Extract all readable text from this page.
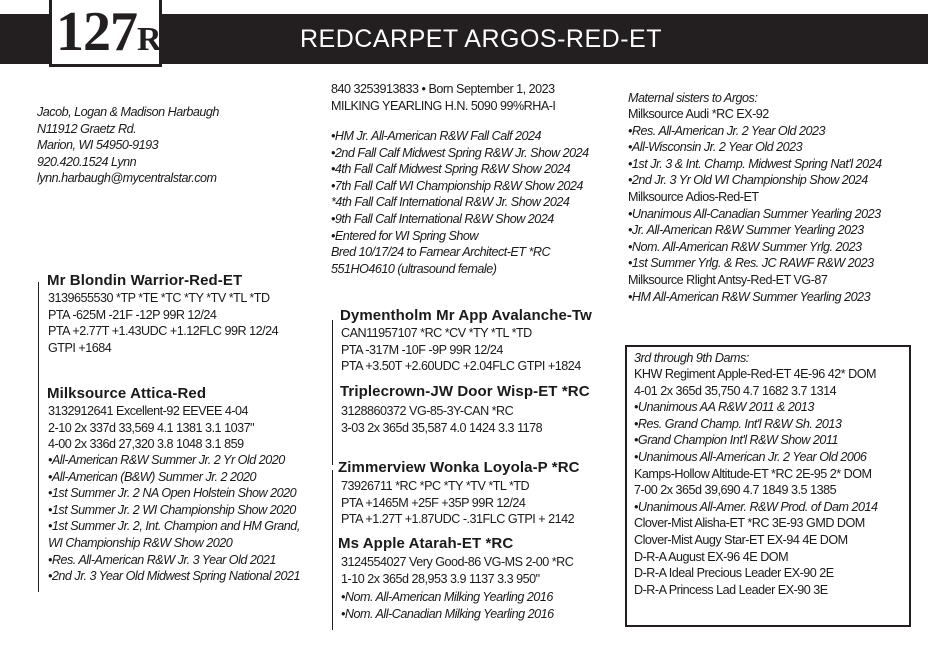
REDCARPET ARGOS-RED-ET
127R
Jacob, Logan & Madison Harbaugh
N11912 Graetz Rd.
Marion, WI 54950-9193
920.420.1524 Lynn
lynn.harbaugh@mycentralstar.com
Mr Blondin Warrior-Red-ET
3139655530 *TP *TE *TC *TY *TV *TL *TD
PTA -625M -21F -12P 99R 12/24
PTA +2.77T +1.43UDC +1.12FLC 99R 12/24
GTPI +1684
Milksource Attica-Red
3132912641 Excellent-92 EEVEE 4-04
2-10 2x 337d 33,569 4.1 1381 3.1 1037"
4-00 2x 336d 27,320 3.8 1048 3.1 859
•All-American R&W Summer Jr. 2 Yr Old 2020
•All-American (B&W) Summer Jr. 2 2020
•1st Summer Jr. 2 NA Open Holstein Show 2020
•1st Summer Jr. 2 WI Championship Show 2020
•1st Summer Jr. 2, Int. Champion and HM Grand,
WI Championship R&W Show 2020
•Res. All-American R&W Jr. 3 Year Old 2021
•2nd Jr. 3 Year Old Midwest Spring National 2021
840 3253913833 • Born September 1, 2023
MILKING YEARLING H.N. 5090 99%RHA-I
•HM Jr. All-American R&W Fall Calf 2024
•2nd Fall Calf Midwest Spring R&W Jr. Show 2024
•4th Fall Calf Midwest Spring R&W Show 2024
•7th Fall Calf WI Championship R&W Show 2024
*4th Fall Calf International R&W Jr. Show 2024
•9th Fall Calf International R&W Show 2024
•Entered for WI Spring Show
Bred 10/17/24 to Farnear Architect-ET *RC
551HO4610 (ultrasound female)
Dymentholm Mr App Avalanche-Tw
CAN11957107 *RC *CV *TY *TL *TD
PTA -317M -10F -9P 99R 12/24
PTA +3.50T +2.60UDC +2.04FLC GTPI +1824
Triplecrown-JW Door Wisp-ET *RC
3128860372 VG-85-3Y-CAN *RC
3-03 2x 365d 35,587 4.0 1424 3.3 1178
Zimmerview Wonka Loyola-P *RC
73926711 *RC *PC *TY *TV *TL *TD
PTA +1465M +25F +35P 99R 12/24
PTA +1.27T +1.87UDC -.31FLC GTPI + 2142
Ms Apple Atarah-ET *RC
3124554027 Very Good-86 VG-MS 2-00 *RC
1-10 2x 365d 28,953 3.9 1137 3.3 950"
•Nom. All-American Milking Yearling 2016
•Nom. All-Canadian Milking Yearling 2016
Maternal sisters to Argos:
Milksource Audi *RC EX-92
•Res. All-American Jr. 2 Year Old 2023
•All-Wisconsin Jr. 2 Year Old 2023
•1st Jr. 3 & Int. Champ. Midwest Spring Nat'l 2024
•2nd Jr. 3 Yr Old WI Championship Show 2024
Milksource Adios-Red-ET
•Unanimous All-Canadian Summer Yearling 2023
•Jr. All-American R&W Summer Yearling 2023
•Nom. All-American R&W Summer Yrlg. 2023
•1st Summer Yrlg. & Res. JC RAWF R&W 2023
Milksource Rlight Antsy-Red-ET VG-87
•HM All-American R&W Summer Yearling 2023
3rd through 9th Dams:
KHW Regiment Apple-Red-ET 4E-96 42* DOM
4-01 2x 365d 35,750 4.7 1682 3.7 1314
•Unanimous AA R&W 2011 & 2013
•Res. Grand Champ. Int'l R&W Sh. 2013
•Grand Champion Int'l R&W Show 2011
•Unanimous All-American Jr. 2 Year Old 2006
Kamps-Hollow Altitude-ET *RC 2E-95 2* DOM
7-00 2x 365d 39,690 4.7 1849 3.5 1385
•Unanimous All-Amer. R&W Prod. of Dam 2014
Clover-Mist Alisha-ET *RC 3E-93 GMD DOM
Clover-Mist Augy Star-ET EX-94 4E DOM
D-R-A August EX-96 4E DOM
D-R-A Ideal Precious Leader EX-90 2E
D-R-A Princess Lad Leader EX-90 3E
